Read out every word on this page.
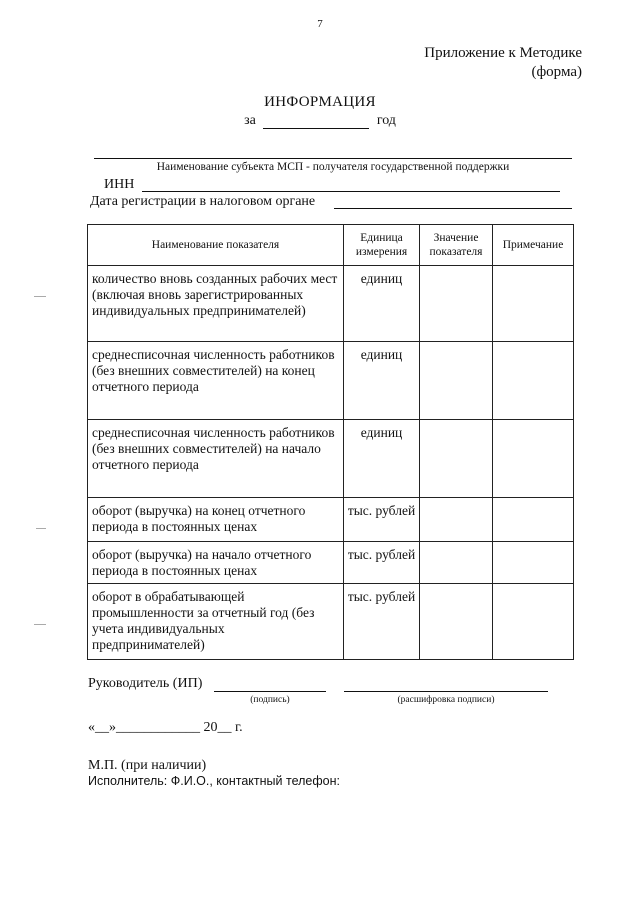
7
Приложение к Методике
(форма)
ИНФОРМАЦИЯ
за	год
Наименование субъекта МСП - получателя государственной поддержки
ИНН
Дата регистрации в налоговом органе
Наименование показателя	Единица измерения	Значение показателя	Примечание
количество вновь созданных рабочих мест (включая вновь зарегистрированных индивидуальных предпринимателей)	единиц		
среднесписочная численность работников (без внешних совместителей) на конец отчетного периода	единиц		
среднесписочная численность работников (без внешних совместителей) на начало отчетного периода	единиц		
оборот (выручка) на конец отчетного периода в постоянных ценах	тыс. рублей		
оборот (выручка) на начало отчетного периода в постоянных ценах	тыс. рублей		
оборот в обрабатывающей промышленности за отчетный год (без учета индивидуальных предпринимателей)	тыс. рублей		
Руководитель (ИП)
(подпись)	(расшифровка подписи)
«__»____________ 20__ г.
М.П. (при наличии)
Исполнитель: Ф.И.О., контактный телефон:
